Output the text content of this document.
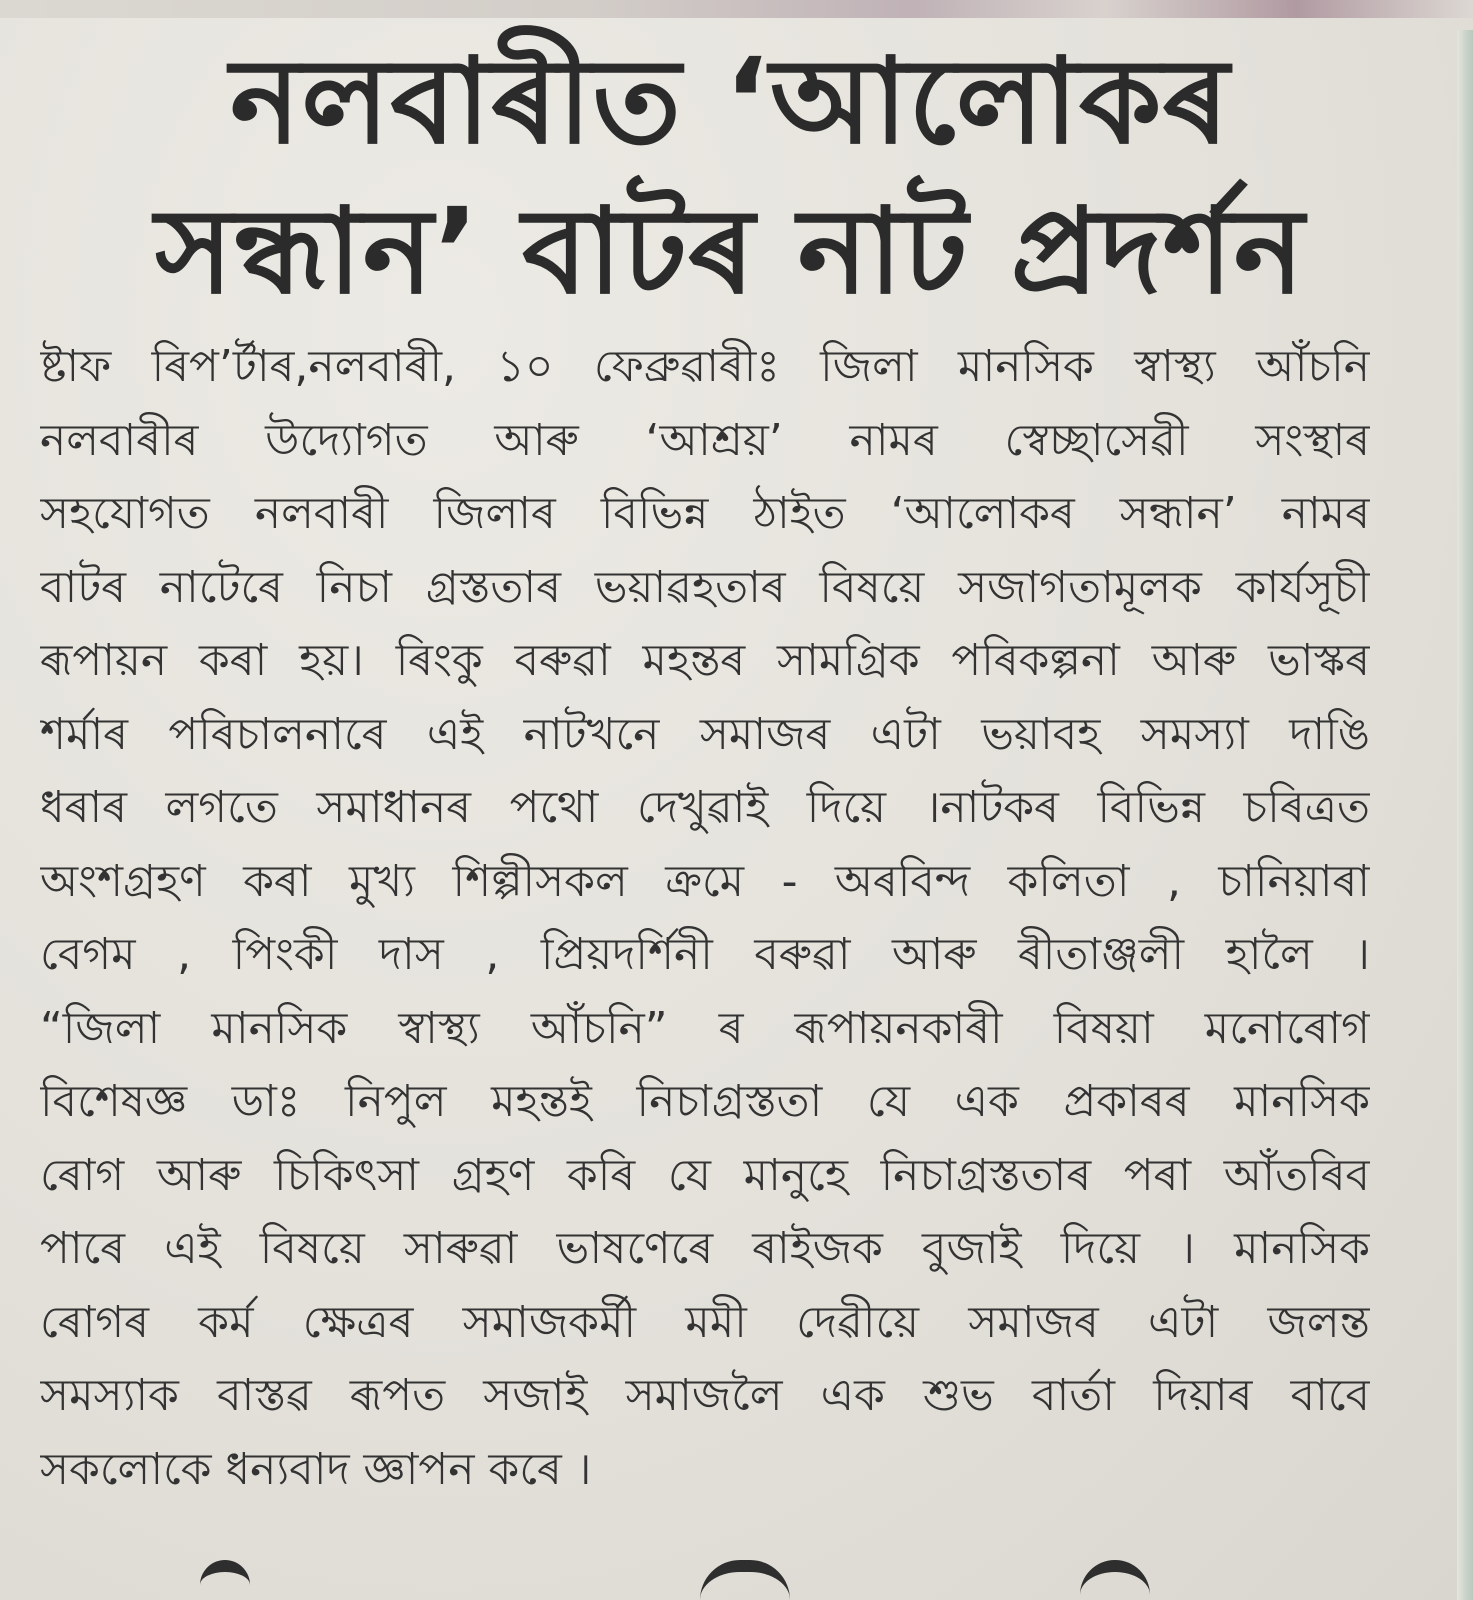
নলবাৰীত ‘আলোকৰ
সন্ধান’ বাটৰ নাট প্ৰদৰ্শন
ষ্টাফ ৰিপ’ৰ্টাৰ,নলবাৰী, ১০ ফেব্ৰুৱাৰীঃ জিলা মানসিক স্বাস্থ্য আঁচনি
নলবাৰীৰ উদ্যোগত আৰু ‘আশ্ৰয়’ নামৰ স্বেচ্ছাসেৱী সংস্থাৰ
সহযোগত নলবাৰী জিলাৰ বিভিন্ন ঠাইত ‘আলোকৰ সন্ধান’ নামৰ
বাটৰ নাটেৰে নিচা গ্ৰস্ততাৰ ভয়াৱহতাৰ বিষয়ে সজাগতামূলক কাৰ্যসূচী
ৰূপায়ন কৰা হয়। ৰিংকু বৰুৱা মহন্তৰ সামগ্ৰিক পৰিকল্পনা আৰু ভাস্কৰ
শৰ্মাৰ পৰিচালনাৰে এই নাটখনে সমাজৰ এটা ভয়াবহ সমস্যা দাঙি
ধৰাৰ লগতে সমাধানৰ পথো দেখুৱাই দিয়ে ।নাটকৰ বিভিন্ন চৰিত্ৰত
অংশগ্ৰহণ কৰা মুখ্য শিল্পীসকল ক্ৰমে - অৰবিন্দ কলিতা , চানিয়াৰা
বেগম , পিংকী দাস , প্ৰিয়দৰ্শিনী বৰুৱা আৰু ৰীতাঞ্জলী হালৈ ।
“জিলা মানসিক স্বাস্থ্য আঁচনি” ৰ ৰূপায়নকাৰী বিষয়া মনোৰোগ
বিশেষজ্ঞ ডাঃ নিপুল মহন্তই নিচাগ্ৰস্ততা যে এক প্ৰকাৰৰ মানসিক
ৰোগ আৰু চিকিৎসা গ্ৰহণ কৰি যে মানুহে নিচাগ্ৰস্ততাৰ পৰা আঁতৰিব
পাৰে এই বিষয়ে সাৰুৱা ভাষণেৰে ৰাইজক বুজাই দিয়ে । মানসিক
ৰোগৰ কৰ্ম ক্ষেত্ৰৰ সমাজকৰ্মী মমী দেৱীয়ে সমাজৰ এটা জলন্ত
সমস্যাক বাস্তৱ ৰূপত সজাই সমাজলৈ এক শুভ বাৰ্তা দিয়াৰ বাবে
সকলোকে ধন্যবাদ জ্ঞাপন কৰে ।
